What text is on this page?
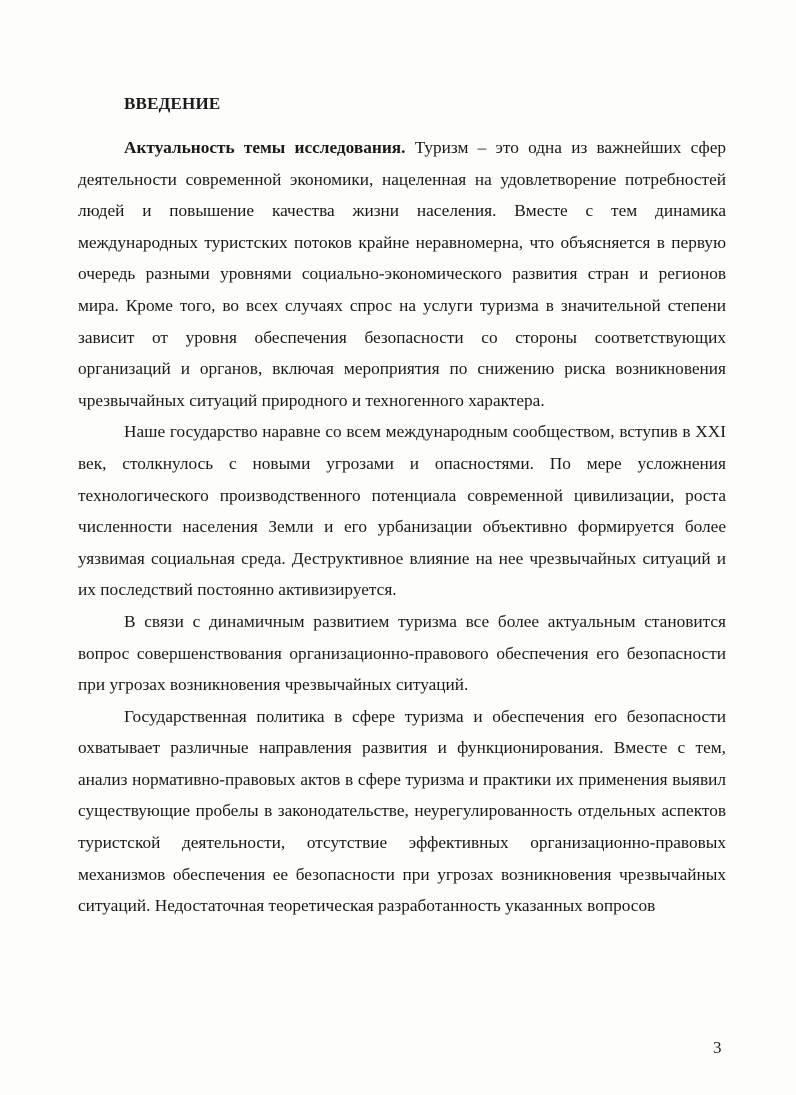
ВВЕДЕНИЕ

Актуальность темы исследования. Туризм – это одна из важнейших сфер деятельности современной экономики, нацеленная на удовлетворение потребностей людей и повышение качества жизни населения. Вместе с тем динамика международных туристских потоков крайне неравномерна, что объясняется в первую очередь разными уровнями социально-экономического развития стран и регионов мира. Кроме того, во всех случаях спрос на услуги туризма в значительной степени зависит от уровня обеспечения безопасности со стороны соответствующих организаций и органов, включая мероприятия по снижению риска возникновения чрезвычайных ситуаций природного и техногенного характера.

Наше государство наравне со всем международным сообществом, вступив в XXI век, столкнулось с новыми угрозами и опасностями. По мере усложнения технологического производственного потенциала современной цивилизации, роста численности населения Земли и его урбанизации объективно формируется более уязвимая социальная среда. Деструктивное влияние на нее чрезвычайных ситуаций и их последствий постоянно активизируется.

В связи с динамичным развитием туризма все более актуальным становится вопрос совершенствования организационно-правового обеспечения его безопасности при угрозах возникновения чрезвычайных ситуаций.

Государственная политика в сфере туризма и обеспечения его безопасности охватывает различные направления развития и функционирования. Вместе с тем, анализ нормативно-правовых актов в сфере туризма и практики их применения выявил существующие пробелы в законодательстве, неурегулированность отдельных аспектов туристской деятельности, отсутствие эффективных организационно-правовых механизмов обеспечения ее безопасности при угрозах возникновения чрезвычайных ситуаций. Недостаточная теоретическая разработанность указанных вопросов

3
